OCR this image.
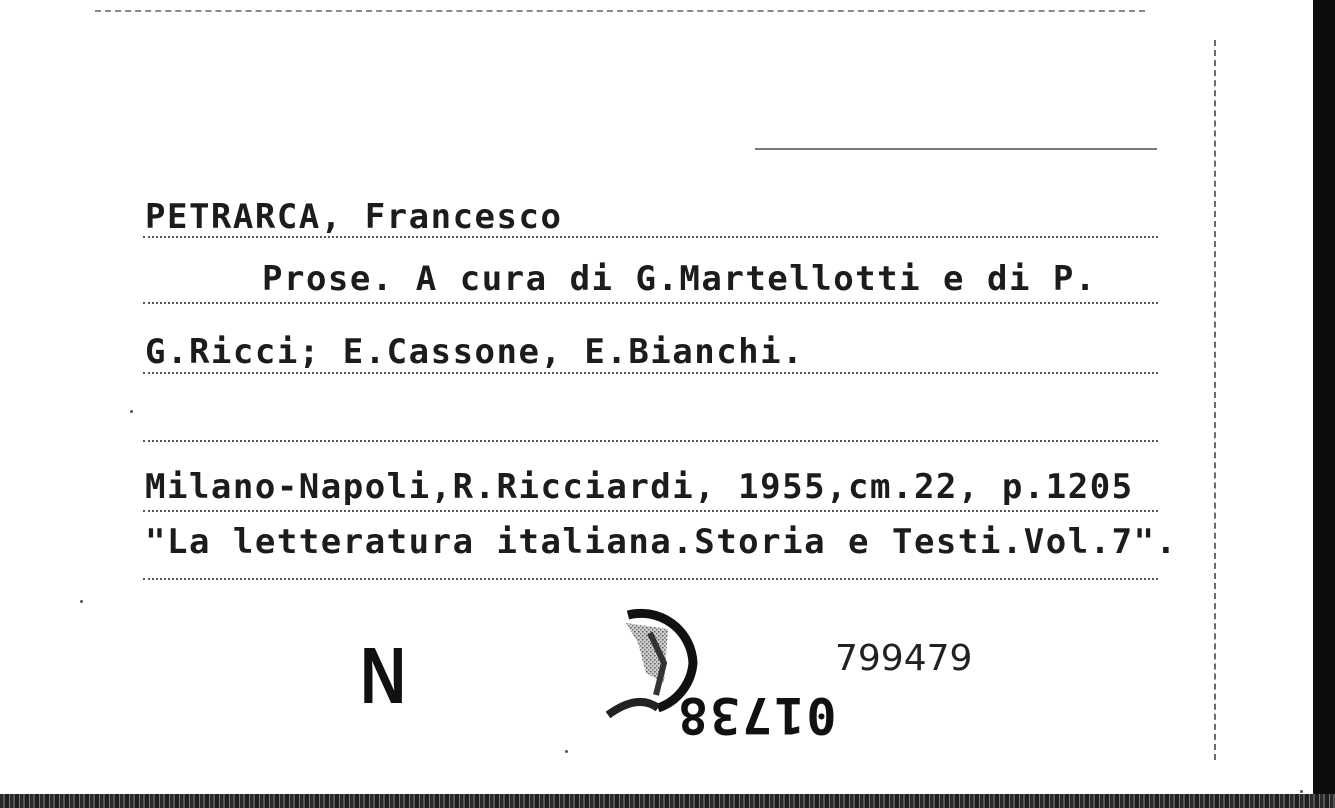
PETRARCA, Francesco
Prose. A cura di G.Martellotti e di P.
G.Ricci; E.Cassone, E.Bianchi.
Milano-Napoli,R.Ricciardi, 1955,cm.22, p.1205
"La letteratura italiana.Storia e Testi.Vol.7".
N	01738
799479
